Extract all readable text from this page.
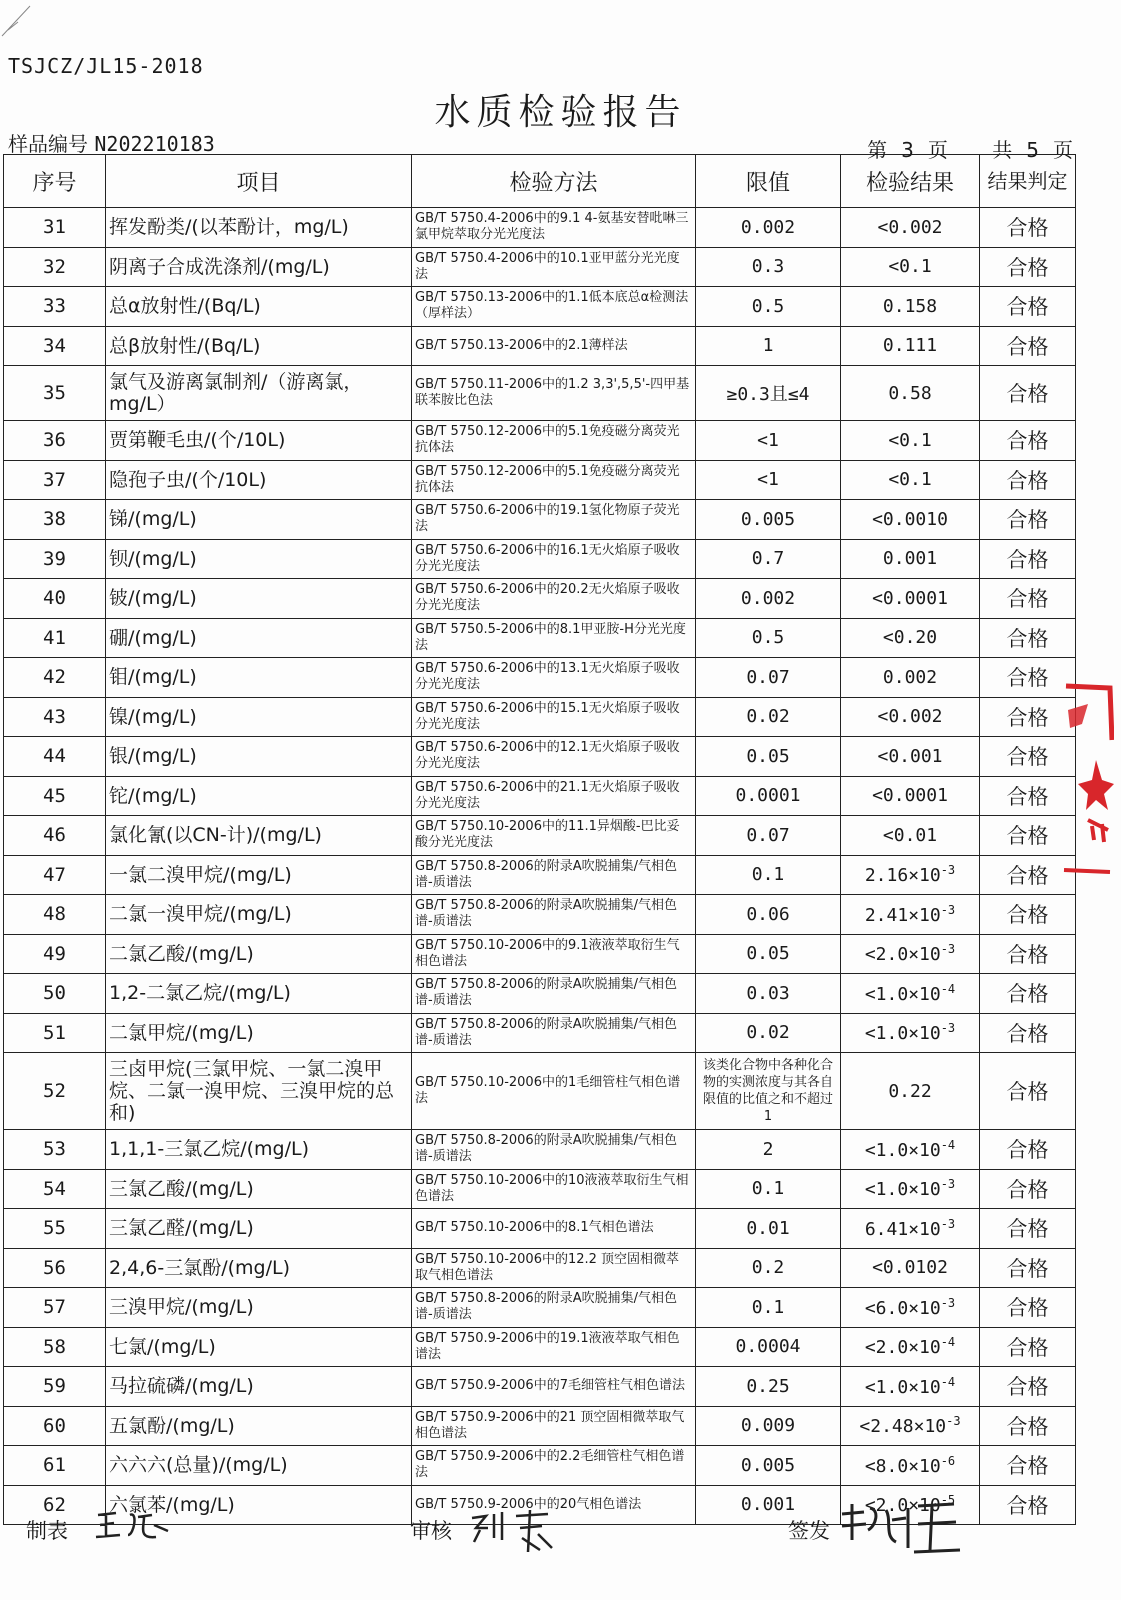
TSJCZ/JL15-2018
水质检验报告
样品编号 N202210183	第 3 页 共 5 页
序号	项目	检验方法	限值	检验结果	结果判定
31	挥发酚类/(以苯酚计，mg/L)	GB/T 5750.4-2006中的9.1 4-氨基安替吡啉三氯甲烷萃取分光光度法	0.002	<0.002	合格
32	阴离子合成洗涤剂/(mg/L)	GB/T 5750.4-2006中的10.1亚甲蓝分光光度法	0.3	<0.1	合格
33	总α放射性/(Bq/L)	GB/T 5750.13-2006中的1.1低本底总α检测法（厚样法）	0.5	0.158	合格
34	总β放射性/(Bq/L)	GB/T 5750.13-2006中的2.1薄样法	1	0.111	合格
35	氯气及游离氯制剂/（游离氯，mg/L）	GB/T 5750.11-2006中的1.2 3,3',5,5'-四甲基联苯胺比色法	≥0.3且≤4	0.58	合格
36	贾第鞭毛虫/(个/10L)	GB/T 5750.12-2006中的5.1免疫磁分离荧光抗体法	<1	<0.1	合格
37	隐孢子虫/(个/10L)	GB/T 5750.12-2006中的5.1免疫磁分离荧光抗体法	<1	<0.1	合格
38	锑/(mg/L)	GB/T 5750.6-2006中的19.1氢化物原子荧光法	0.005	<0.0010	合格
39	钡/(mg/L)	GB/T 5750.6-2006中的16.1无火焰原子吸收分光光度法	0.7	0.001	合格
40	铍/(mg/L)	GB/T 5750.6-2006中的20.2无火焰原子吸收分光光度法	0.002	<0.0001	合格
41	硼/(mg/L)	GB/T 5750.5-2006中的8.1甲亚胺-H分光光度法	0.5	<0.20	合格
42	钼/(mg/L)	GB/T 5750.6-2006中的13.1无火焰原子吸收分光光度法	0.07	0.002	合格
43	镍/(mg/L)	GB/T 5750.6-2006中的15.1无火焰原子吸收分光光度法	0.02	<0.002	合格
44	银/(mg/L)	GB/T 5750.6-2006中的12.1无火焰原子吸收分光光度法	0.05	<0.001	合格
45	铊/(mg/L)	GB/T 5750.6-2006中的21.1无火焰原子吸收分光光度法	0.0001	<0.0001	合格
46	氯化氰(以CN-计)/(mg/L)	GB/T 5750.10-2006中的11.1异烟酸-巴比妥酸分光光度法	0.07	<0.01	合格
47	一氯二溴甲烷/(mg/L)	GB/T 5750.8-2006的附录A吹脱捕集/气相色谱-质谱法	0.1	$2.16\times 10^{-3}$	合格
48	二氯一溴甲烷/(mg/L)	GB/T 5750.8-2006的附录A吹脱捕集/气相色谱-质谱法	0.06	$2.41\times 10^{-3}$	合格
49	二氯乙酸/(mg/L)	GB/T 5750.10-2006中的9.1液液萃取衍生气相色谱法	0.05	$<2.0\times 10^{-3}$	合格
50	1,2-二氯乙烷/(mg/L)	GB/T 5750.8-2006的附录A吹脱捕集/气相色谱-质谱法	0.03	$<1.0\times 10^{-4}$	合格
51	二氯甲烷/(mg/L)	GB/T 5750.8-2006的附录A吹脱捕集/气相色谱-质谱法	0.02	$<1.0\times 10^{-3}$	合格
52	三卤甲烷(三氯甲烷、一氯二溴甲烷、二氯一溴甲烷、三溴甲烷的总和)	GB/T 5750.10-2006中的1毛细管柱气相色谱法	该类化合物中各种化合物的实测浓度与其各自限值的比值之和不超过1	0.22	合格
53	1,1,1-三氯乙烷/(mg/L)	GB/T 5750.8-2006的附录A吹脱捕集/气相色谱-质谱法	2	$<1.0\times 10^{-4}$	合格
54	三氯乙酸/(mg/L)	GB/T 5750.10-2006中的10液液萃取衍生气相色谱法	0.1	$<1.0\times 10^{-3}$	合格
55	三氯乙醛/(mg/L)	GB/T 5750.10-2006中的8.1气相色谱法	0.01	$6.41\times 10^{-3}$	合格
56	2,4,6-三氯酚/(mg/L)	GB/T 5750.10-2006中的12.2 顶空固相微萃取气相色谱法	0.2	<0.0102	合格
57	三溴甲烷/(mg/L)	GB/T 5750.8-2006的附录A吹脱捕集/气相色谱-质谱法	0.1	$<6.0\times 10^{-3}$	合格
58	七氯/(mg/L)	GB/T 5750.9-2006中的19.1液液萃取气相色谱法	0.0004	$<2.0\times 10^{-4}$	合格
59	马拉硫磷/(mg/L)	GB/T 5750.9-2006中的7毛细管柱气相色谱法	0.25	$<1.0\times 10^{-4}$	合格
60	五氯酚/(mg/L)	GB/T 5750.9-2006中的21 顶空固相微萃取气相色谱法	0.009	$<2.48\times 10^{-3}$	合格
61	六六六(总量)/(mg/L)	GB/T 5750.9-2006中的2.2毛细管柱气相色谱法	0.005	$<8.0\times 10^{-6}$	合格
62	六氯苯/(mg/L)	GB/T 5750.9-2006中的20气相色谱法	0.001	$<2.0\times 10^{-5}$	合格
制表	审核	签发
